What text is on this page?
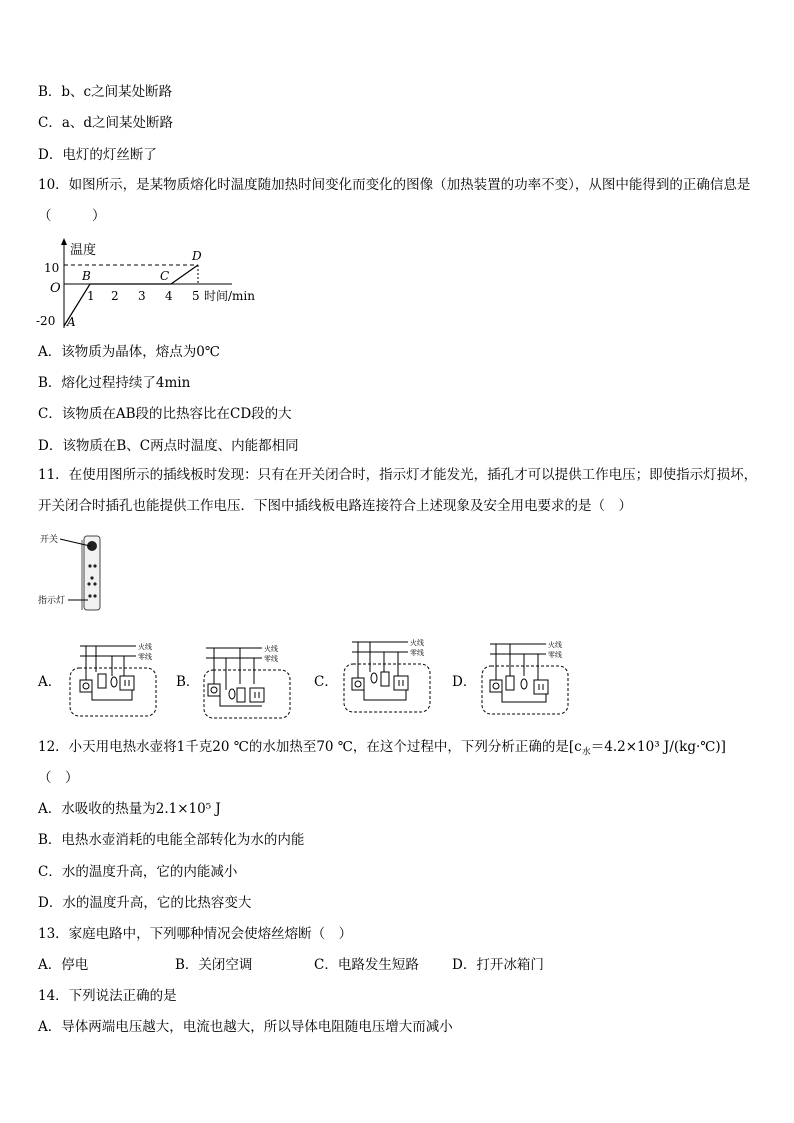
B．b、c之间某处断路
C．a、d之间某处断路
D．电灯的灯丝断了
10．如图所示，是某物质熔化时温度随加热时间变化而变化的图像（加热装置的功率不变），从图中能得到的正确信息是（　　　）
温度
10
O
-20
1 2 3 4 5 时间/min
A
B	C
D
A．该物质为晶体，熔点为0℃
B．熔化过程持续了4min
C．该物质在AB段的比热容比在CD段的大
D．该物质在B、C两点时温度、内能都相同
11．在使用图所示的插线板时发现：只有在开关闭合时，指示灯才能发光，插孔才可以提供工作电压；即使指示灯损坏，开关闭合时插孔也能提供工作电压．下图中插线板电路连接符合上述现象及安全用电要求的是（　）
开关
指示灯
A．
火线
零线
B．
火线
零线
C．
火线
零线
D．
火线
零线
12．小天用电热水壶将1千克20 ℃的水加热至70 ℃，在这个过程中，下列分析正确的是[$c_水=4.2\times 10^3$ J/(kg·℃)]
（　）
A．水吸收的热量为2.1×10⁵ J
B．电热水壶消耗的电能全部转化为水的内能
C．水的温度升高，它的内能减小
D．水的温度升高，它的比热容变大
13．家庭电路中，下列哪种情况会使熔丝熔断（　）
A．停电	B．关闭空调	C．电路发生短路 D．打开冰箱门
14．下列说法正确的是
A．导体两端电压越大，电流也越大，所以导体电阻随电压增大而减小
